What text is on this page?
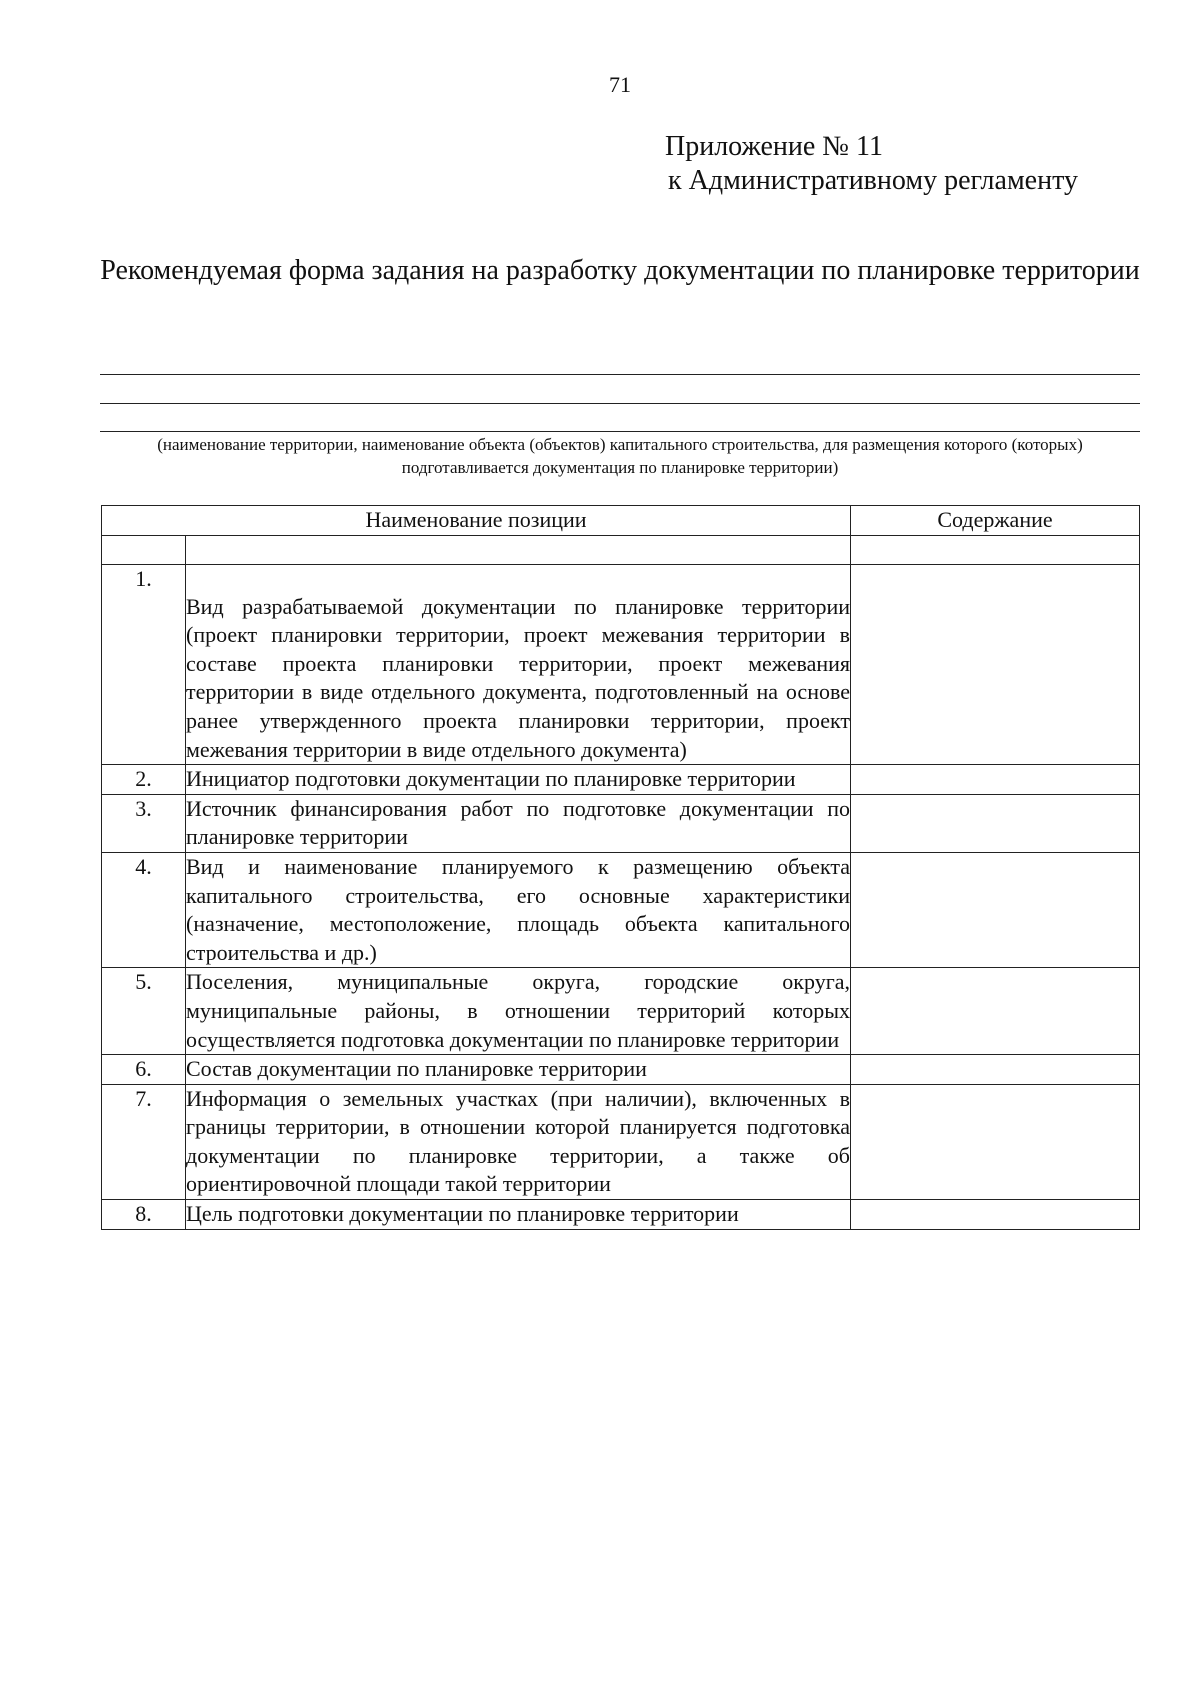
71
Приложение № 11
к Административному регламенту
Рекомендуемая форма задания на разработку документации по планировке территории
(наименование территории, наименование объекта (объектов) капитального строительства, для размещения которого (которых) подготавливается документация по планировке территории)
Наименование позиции		Содержание

1.	Вид разрабатываемой документации по планировке территории (проект планировки территории, проект межевания территории в составе проекта планировки территории, проект межевания территории в виде отдельного документа, подготовленный на основе ранее утвержденного проекта планировки территории, проект межевания территории в виде отдельного документа)	
2.	Инициатор подготовки документации по планировке территории	
3.	Источник финансирования работ по подготовке документации по планировке территории	
4.	Вид и наименование планируемого к размещению объекта капитального строительства, его основные характеристики (назначение, местоположение, площадь объекта капитального строительства и др.)	
5.	Поселения, муниципальные округа, городские округа, муниципальные районы, в отношении территорий которых осуществляется подготовка документации по планировке территории	
6.	Состав документации по планировке территории	
7.	Информация о земельных участках (при наличии), включенных в границы территории, в отношении которой планируется подготовка документации по планировке территории, а также об ориентировочной площади такой территории	
8.	Цель подготовки документации по планировке территории	
